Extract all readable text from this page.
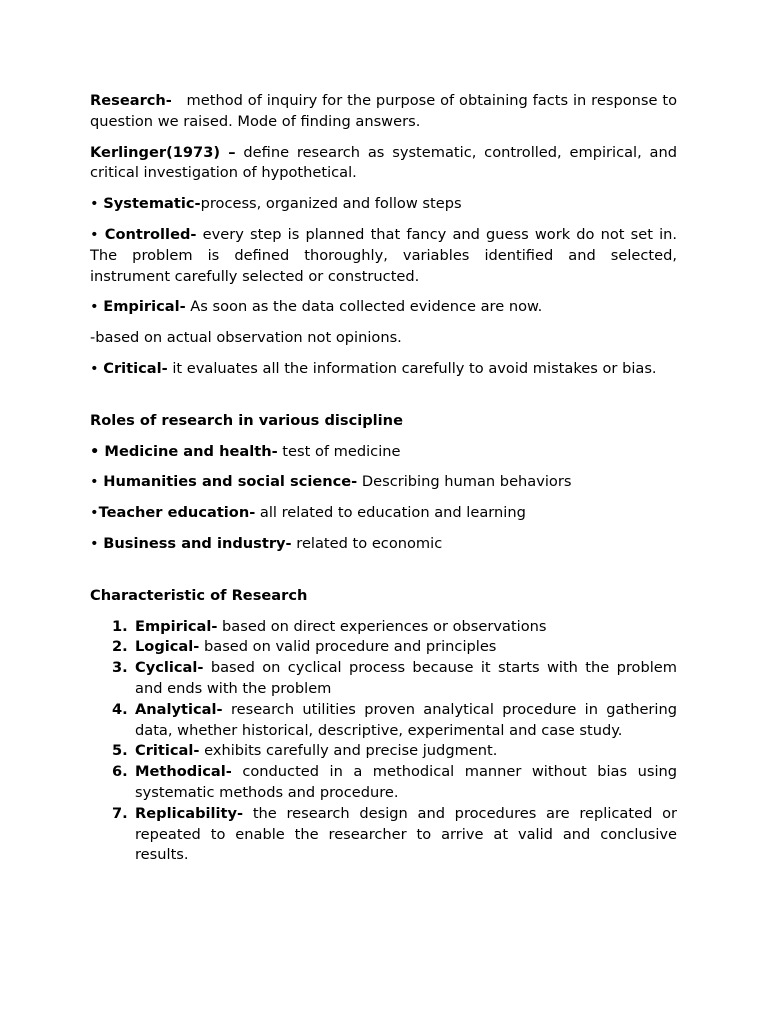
Research- method of inquiry for the purpose of obtaining facts in response to question we raised. Mode of finding answers.

Kerlinger(1973) – define research as systematic, controlled, empirical, and critical investigation of hypothetical.

• Systematic-process, organized and follow steps

• Controlled- every step is planned that fancy and guess work do not set in. The problem is defined thoroughly, variables identified and selected, instrument carefully selected or constructed.

• Empirical- As soon as the data collected evidence are now.

-based on actual observation not opinions.

• Critical- it evaluates all the information carefully to avoid mistakes or bias.

Roles of research in various discipline

• Medicine and health- test of medicine

• Humanities and social science- Describing human behaviors

•Teacher education- all related to education and learning

• Business and industry- related to economic

Characteristic of Research

1. Empirical- based on direct experiences or observations
2. Logical- based on valid procedure and principles
3. Cyclical- based on cyclical process because it starts with the problem and ends with the problem
4. Analytical- research utilities proven analytical procedure in gathering data, whether historical, descriptive, experimental and case study.
5. Critical- exhibits carefully and precise judgment.
6. Methodical- conducted in a methodical manner without bias using systematic methods and procedure.
7. Replicability- the research design and procedures are replicated or repeated to enable the researcher to arrive at valid and conclusive results.
